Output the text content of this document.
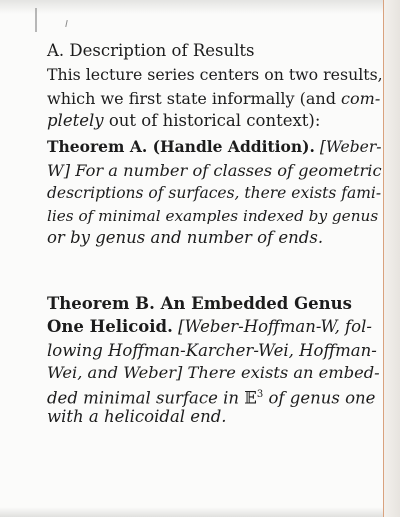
A. Description of Results
This lecture series centers on two results,
which we first state informally (and com-
pletely out of historical context):
Theorem A. (Handle Addition). [Weber-
W] For a number of classes of geometric
descriptions of surfaces, there exists fami-
lies of minimal examples indexed by genus
or by genus and number of ends.
Theorem B. An Embedded Genus
One Helicoid. [Weber-Hoffman-W, fol-
lowing Hoffman-Karcher-Wei, Hoffman-
Wei, and Weber] There exists an embed-
ded minimal surface in 𝔼$^3$ of genus one
with a helicoidal end.
